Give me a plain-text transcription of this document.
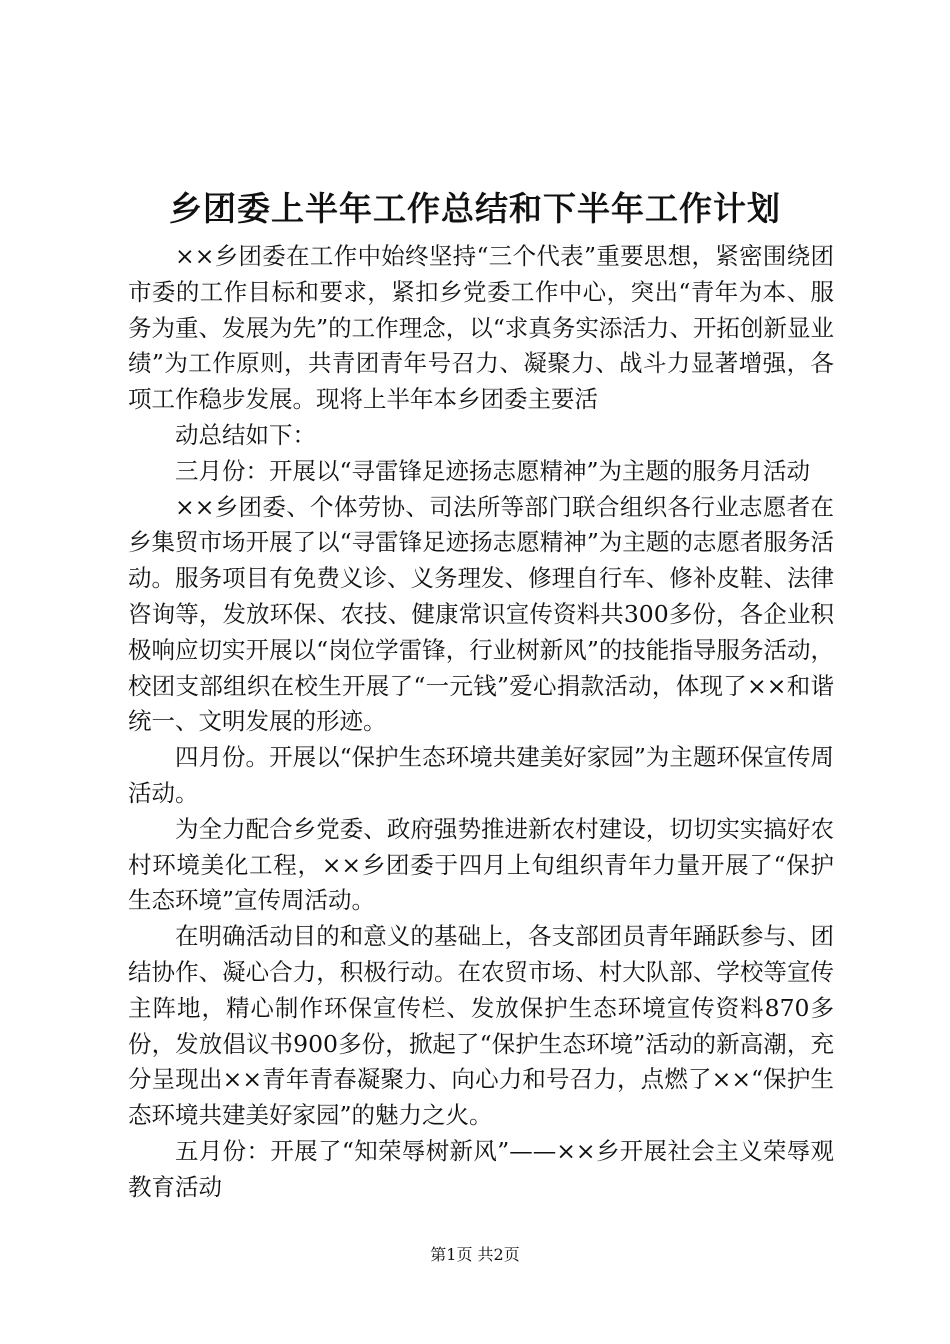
乡团委上半年工作总结和下半年工作计划

××乡团委在工作中始终坚持“三个代表”重要思想，紧密围绕团市委的工作目标和要求，紧扣乡党委工作中心，突出“青年为本、服务为重、发展为先”的工作理念，以“求真务实添活力、开拓创新显业绩”为工作原则，共青团青年号召力、凝聚力、战斗力显著增强，各项工作稳步发展。现将上半年本乡团委主要活

动总结如下：

三月份：开展以“寻雷锋足迹扬志愿精神”为主题的服务月活动

××乡团委、个体劳协、司法所等部门联合组织各行业志愿者在乡集贸市场开展了以“寻雷锋足迹扬志愿精神”为主题的志愿者服务活动。服务项目有免费义诊、义务理发、修理自行车、修补皮鞋、法律咨询等，发放环保、农技、健康常识宣传资料共300多份，各企业积极响应切实开展以“岗位学雷锋，行业树新风”的技能指导服务活动，校团支部组织在校生开展了“一元钱”爱心捐款活动，体现了××和谐统一、文明发展的形迹。

四月份。开展以“保护生态环境共建美好家园”为主题环保宣传周活动。

为全力配合乡党委、政府强势推进新农村建设，切切实实搞好农村环境美化工程，××乡团委于四月上旬组织青年力量开展了“保护生态环境”宣传周活动。

在明确活动目的和意义的基础上，各支部团员青年踊跃参与、团结协作、凝心合力，积极行动。在农贸市场、村大队部、学校等宣传主阵地，精心制作环保宣传栏、发放保护生态环境宣传资料870多份，发放倡议书900多份，掀起了“保护生态环境”活动的新高潮，充分呈现出××青年青春凝聚力、向心力和号召力，点燃了××“保护生态环境共建美好家园”的魅力之火。

五月份：开展了“知荣辱树新风”——××乡开展社会主义荣辱观教育活动

第1页 共2页
